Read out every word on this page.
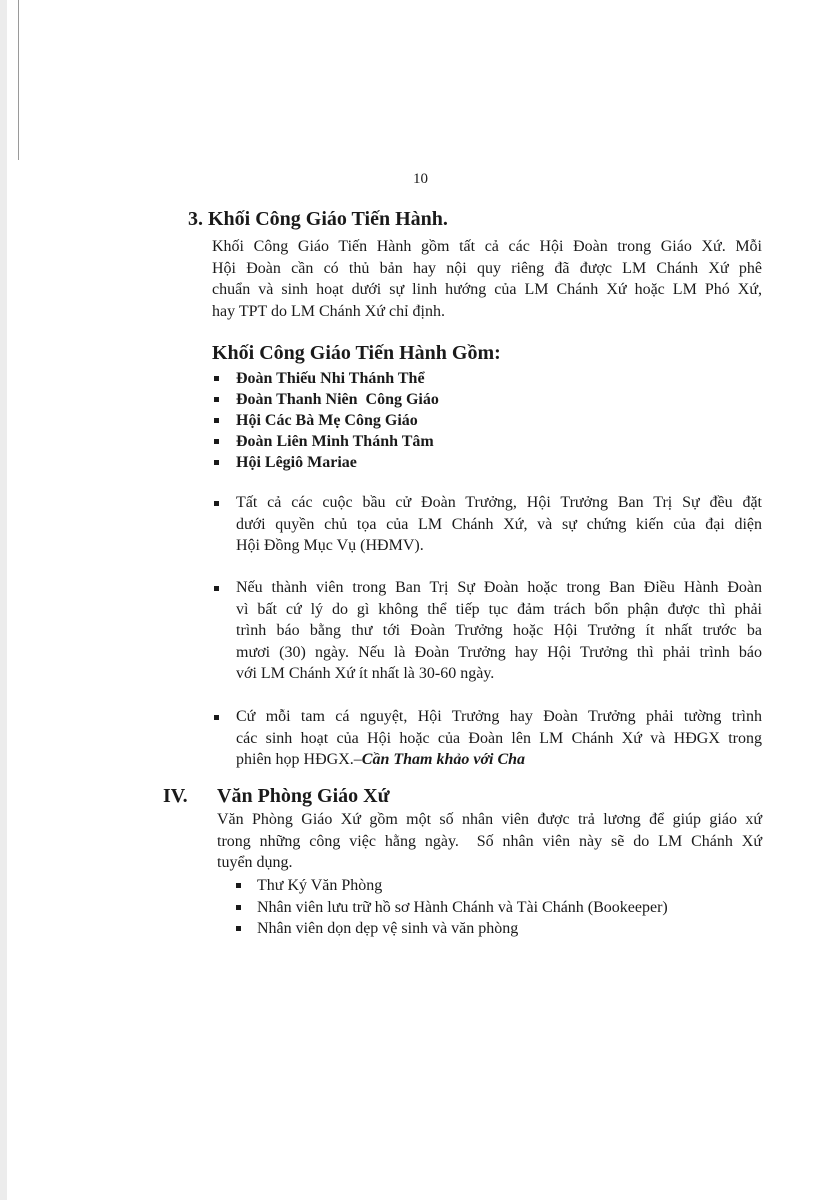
10
3. Khối Công Giáo Tiến Hành.
Khối Công Giáo Tiến Hành gồm tất cả các Hội Đoàn trong Giáo Xứ. Mỗi
Hội Đoàn cần có thủ bản hay nội quy riêng đã được LM Chánh Xứ phê
chuẩn và sinh hoạt dưới sự linh hướng của LM Chánh Xứ hoặc LM Phó Xứ,
hay TPT do LM Chánh Xứ chỉ định.
Khối Công Giáo Tiến Hành Gồm:
Đoàn Thiếu Nhi Thánh Thể
Đoàn Thanh Niên  Công Giáo
Hội Các Bà Mẹ Công Giáo
Đoàn Liên Minh Thánh Tâm
Hội Lêgiô Mariae
Tất cả các cuộc bầu cử Đoàn Trưởng, Hội Trưởng Ban Trị Sự đều đặt
dưới quyền chủ tọa của LM Chánh Xứ, và sự chứng kiến của đại diện
Hội Đồng Mục Vụ (HĐMV).
Nếu thành viên trong Ban Trị Sự Đoàn hoặc trong Ban Điều Hành Đoàn
vì bất cứ lý do gì không thể tiếp tục đảm trách bổn phận được thì phải
trình báo bằng thư tới Đoàn Trưởng hoặc Hội Trưởng ít nhất trước ba
mươi (30) ngày. Nếu là Đoàn Trưởng hay Hội Trưởng thì phải trình báo
với LM Chánh Xứ ít nhất là 30-60 ngày.
Cứ mỗi tam cá nguyệt, Hội Trưởng hay Đoàn Trưởng phải tường trình
các sinh hoạt của Hội hoặc của Đoàn lên LM Chánh Xứ và HĐGX trong
phiên họp HĐGX.–Cần Tham khảo với Cha
IV. Văn Phòng Giáo Xứ
Văn Phòng Giáo Xứ gồm một số nhân viên được trả lương để giúp giáo xứ
trong những công việc hằng ngày.  Số nhân viên này sẽ do LM Chánh Xứ
tuyển dụng.
Thư Ký Văn Phòng
Nhân viên lưu trữ hồ sơ Hành Chánh và Tài Chánh (Bookeeper)
Nhân viên dọn dẹp vệ sinh và văn phòng
